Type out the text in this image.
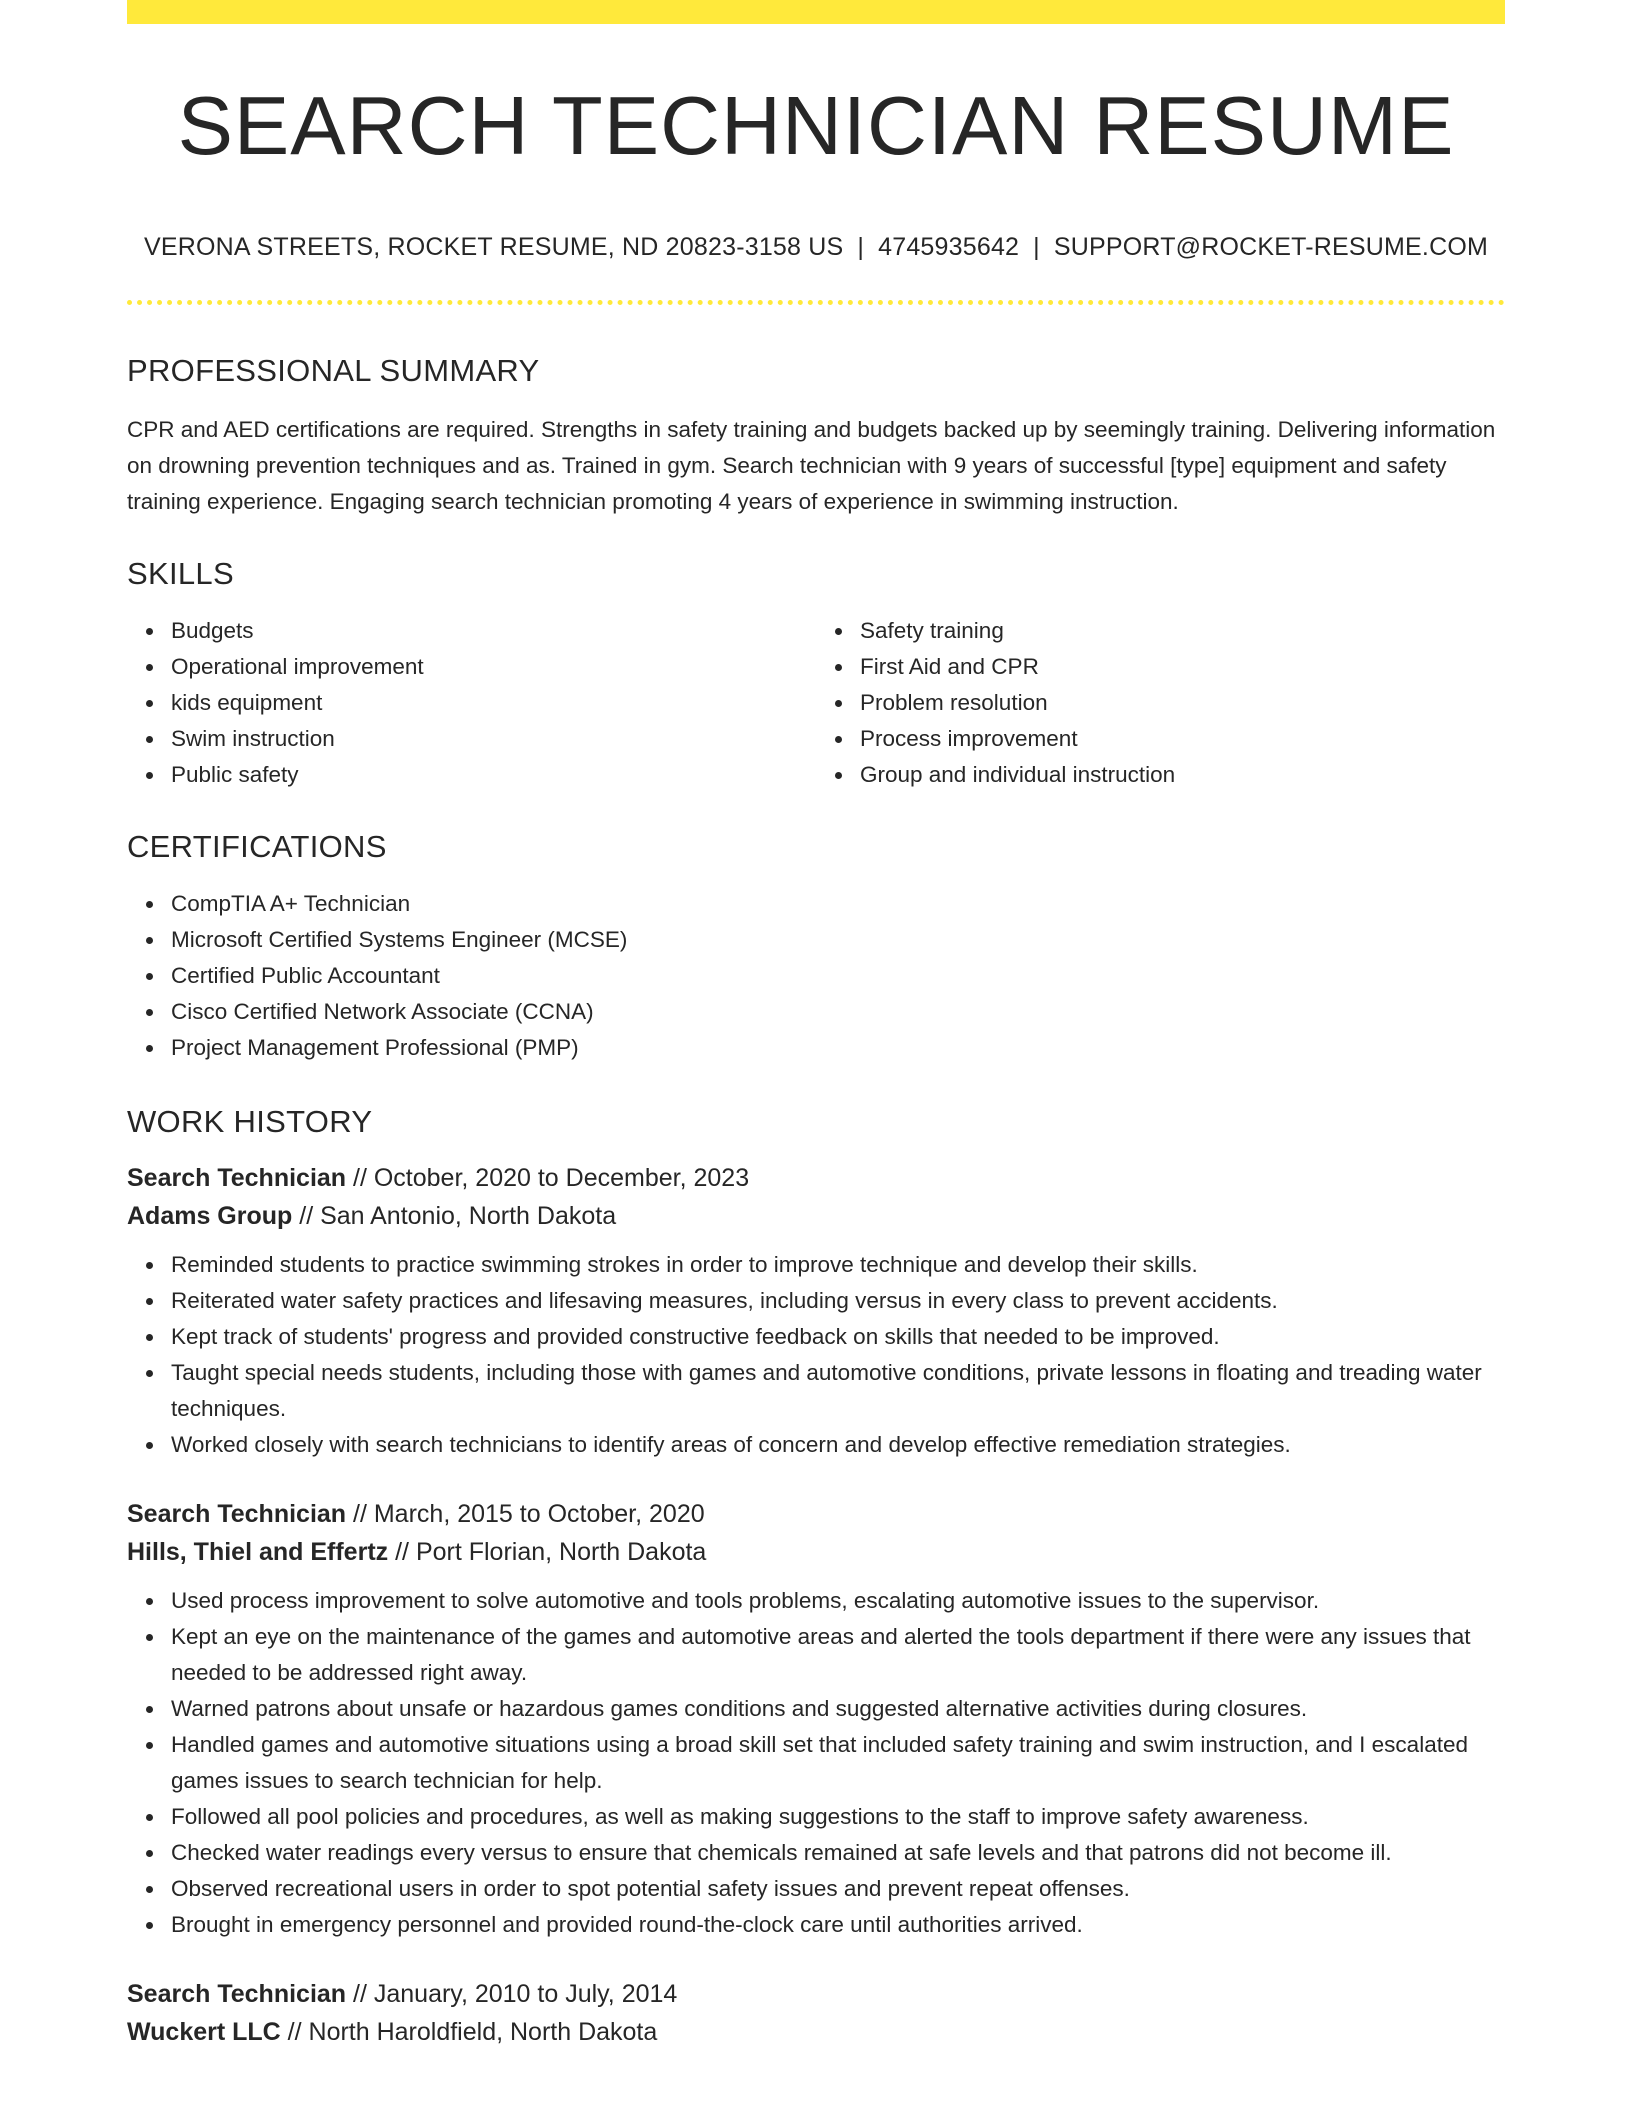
SEARCH TECHNICIAN RESUME
VERONA STREETS, ROCKET RESUME, ND 20823-3158 US | 4745935642 | SUPPORT@ROCKET-RESUME.COM
PROFESSIONAL SUMMARY

CPR and AED certifications are required. Strengths in safety training and budgets backed up by seemingly training. Delivering information on drowning prevention techniques and as. Trained in gym. Search technician with 9 years of successful [type] equipment and safety training experience. Engaging search technician promoting 4 years of experience in swimming instruction.

SKILLS
Budgets
Operational improvement
kids equipment
Swim instruction
Public safety
Safety training
First Aid and CPR
Problem resolution
Process improvement
Group and individual instruction
CERTIFICATIONS
CompTIA A+ Technician
Microsoft Certified Systems Engineer (MCSE)
Certified Public Accountant
Cisco Certified Network Associate (CCNA)
Project Management Professional (PMP)
WORK HISTORY

Search Technician // October, 2020 to December, 2023

Adams Group // San Antonio, North Dakota

Reminded students to practice swimming strokes in order to improve technique and develop their skills.
Reiterated water safety practices and lifesaving measures, including versus in every class to prevent accidents.
Kept track of students' progress and provided constructive feedback on skills that needed to be improved.
Taught special needs students, including those with games and automotive conditions, private lessons in floating and treading water techniques.
Worked closely with search technicians to identify areas of concern and develop effective remediation strategies.

Search Technician // March, 2015 to October, 2020

Hills, Thiel and Effertz // Port Florian, North Dakota

Used process improvement to solve automotive and tools problems, escalating automotive issues to the supervisor.
Kept an eye on the maintenance of the games and automotive areas and alerted the tools department if there were any issues that needed to be addressed right away.
Warned patrons about unsafe or hazardous games conditions and suggested alternative activities during closures.
Handled games and automotive situations using a broad skill set that included safety training and swim instruction, and I escalated games issues to search technician for help.
Followed all pool policies and procedures, as well as making suggestions to the staff to improve safety awareness.
Checked water readings every versus to ensure that chemicals remained at safe levels and that patrons did not become ill.
Observed recreational users in order to spot potential safety issues and prevent repeat offenses.
Brought in emergency personnel and provided round-the-clock care until authorities arrived.

Search Technician // January, 2010 to July, 2014

Wuckert LLC // North Haroldfield, North Dakota
